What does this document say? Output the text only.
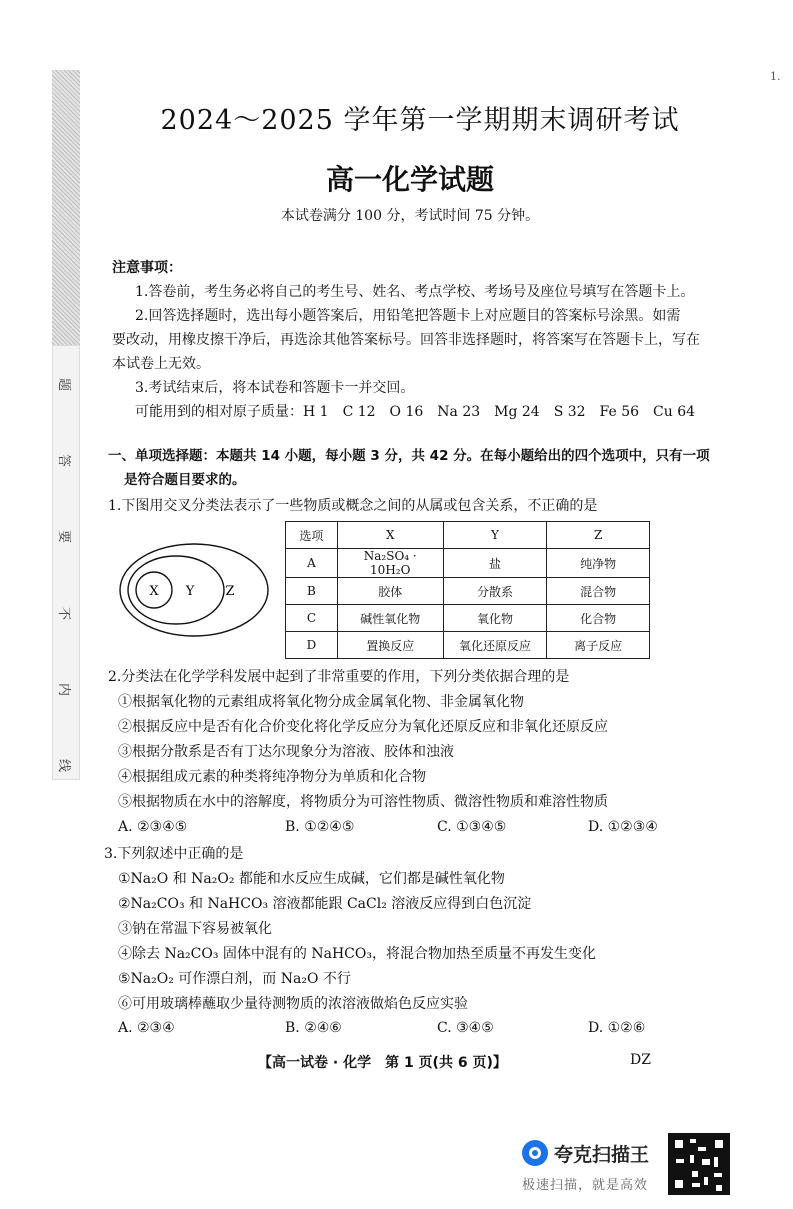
题
答
要
不
内
线
1.
2024～2025 学年第一学期期末调研考试
高一化学试题
本试卷满分 100 分，考试时间 75 分钟。
注意事项：
1.答卷前，考生务必将自己的考生号、姓名、考点学校、考场号及座位号填写在答题卡上。
2.回答选择题时，选出每小题答案后，用铅笔把答题卡上对应题目的答案标号涂黑。如需
要改动，用橡皮擦干净后，再选涂其他答案标号。回答非选择题时，将答案写在答题卡上，写在
本试卷上无效。
3.考试结束后，将本试卷和答题卡一并交回。
可能用到的相对原子质量：H 1　C 12　O 16　Na 23　Mg 24　S 32　Fe 56　Cu 64
一、单项选择题：本题共 14 小题，每小题 3 分，共 42 分。在每小题给出的四个选项中，只有一项
是符合题目要求的。
1.下图用交叉分类法表示了一些物质或概念之间的从属或包含关系，不正确的是
X Y Z
选项	X	Y	Z
A	Na₂SO₄ · 10H₂O	盐	纯净物
B	胶体	分散系	混合物
C	碱性氧化物	氧化物	化合物
D	置换反应	氧化还原反应	离子反应
2.分类法在化学学科发展中起到了非常重要的作用，下列分类依据合理的是
①根据氧化物的元素组成将氧化物分成金属氧化物、非金属氧化物
②根据反应中是否有化合价变化将化学反应分为氧化还原反应和非氧化还原反应
③根据分散系是否有丁达尔现象分为溶液、胶体和浊液
④根据组成元素的种类将纯净物分为单质和化合物
⑤根据物质在水中的溶解度，将物质分为可溶性物质、微溶性物质和难溶性物质
A. ②③④⑤	B. ①②④⑤	C. ①③④⑤	D. ①②③④
3.下列叙述中正确的是
①Na₂O 和 Na₂O₂ 都能和水反应生成碱，它们都是碱性氧化物
②Na₂CO₃ 和 NaHCO₃ 溶液都能跟 CaCl₂ 溶液反应得到白色沉淀
③钠在常温下容易被氧化
④除去 Na₂CO₃ 固体中混有的 NaHCO₃，将混合物加热至质量不再发生变化
⑤Na₂O₂ 可作漂白剂，而 Na₂O 不行
⑥可用玻璃棒蘸取少量待测物质的浓溶液做焰色反应实验
A. ②③④	B. ②④⑥	C. ③④⑤	D. ①②⑥
【高一试卷 · 化学　第 1 页(共 6 页)】	DZ
夸克扫描王
极速扫描，就是高效
